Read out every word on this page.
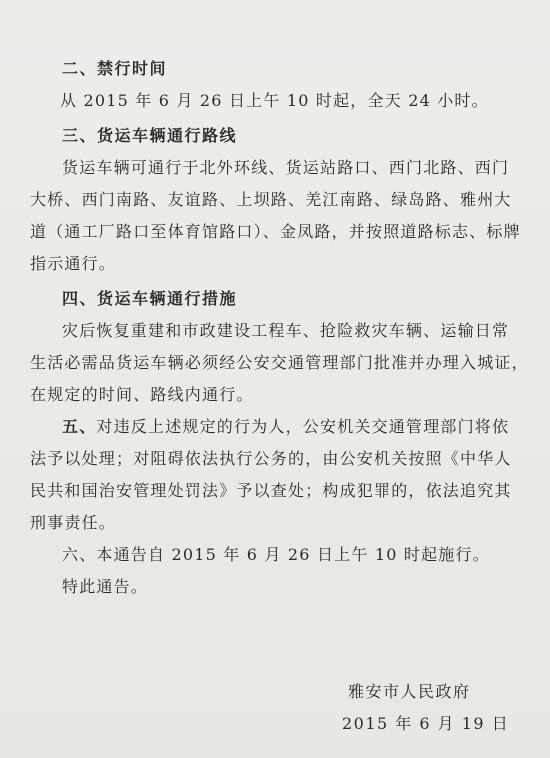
二、禁行时间

从 2015 年 6 月 26 日上午 10 时起，全天 24 小时。

三、货运车辆通行路线

货运车辆可通行于北外环线、货运站路口、西门北路、西门

大桥、西门南路、友谊路、上坝路、羌江南路、绿岛路、雅州大

道（通工厂路口至体育馆路口）、金凤路，并按照道路标志、标牌

指示通行。

四、货运车辆通行措施

灾后恢复重建和市政建设工程车、抢险救灾车辆、运输日常

生活必需品货运车辆必须经公安交通管理部门批准并办理入城证，

在规定的时间、路线内通行。

五、对违反上述规定的行为人，公安机关交通管理部门将依

法予以处理；对阻碍依法执行公务的，由公安机关按照《中华人

民共和国治安管理处罚法》予以查处；构成犯罪的，依法追究其

刑事责任。

六、本通告自 2015 年 6 月 26 日上午 10 时起施行。

特此通告。

雅安市人民政府

2015 年 6 月 19 日
